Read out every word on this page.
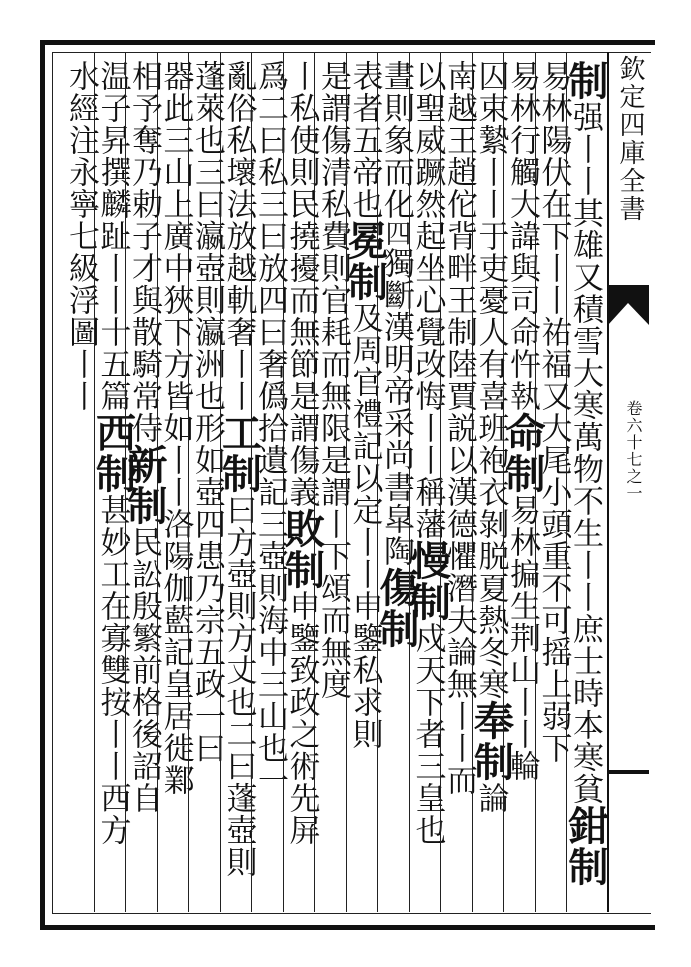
欽定四庫全書
卷六十七之一
制强丨丨其雄又積雪大寒萬物不生丨丨庶士時本寒貧鉗制
易林陽伏在下丨丨祐福又大尾小頭重不可摇上弱下
易林行觸大諱與司命忤執命制易林揙生荆山丨丨輪
囚束縶丨丨于吏憂人有喜班袍衣剝脱夏熱冬寒奉制論
南越王趙佗背畔王制陸賈説以漢德懼潛夫論無丨丨而
以聖威蹶然起坐心覺改悔丨丨稱藩慢制戍天下者三皇也
晝則象而化四獨斷漢明帝采尚書皐陶傷制
表者五帝也冕制及周官禮記以定丨丨申鑒私求則
是謂傷清私費則官耗而無限是謂丨下頌而無度
丨私使則民撓擾而無節是謂傷義敗制申鑒致政之術先屏
爲二曰私三曰放四曰奢僞拾遺記三壺則海中三山也一
亂俗私壞法放越軌奢丨丨工制曰方壺則方丈也二曰蓬壺則
蓬萊也三曰瀛壺則瀛洲也形如壺四患乃宗五政一曰
器此三山上廣中狹下方皆如丨丨洛陽伽藍記皇居徙鄴
相予奪乃勅子才與散騎常侍新制民訟殷繁前格後詔自
温子昇撰麟趾丨丨十五篇西制甚妙工在寡雙按丨丨西方
水經注永寧七級浮圖丨丨
